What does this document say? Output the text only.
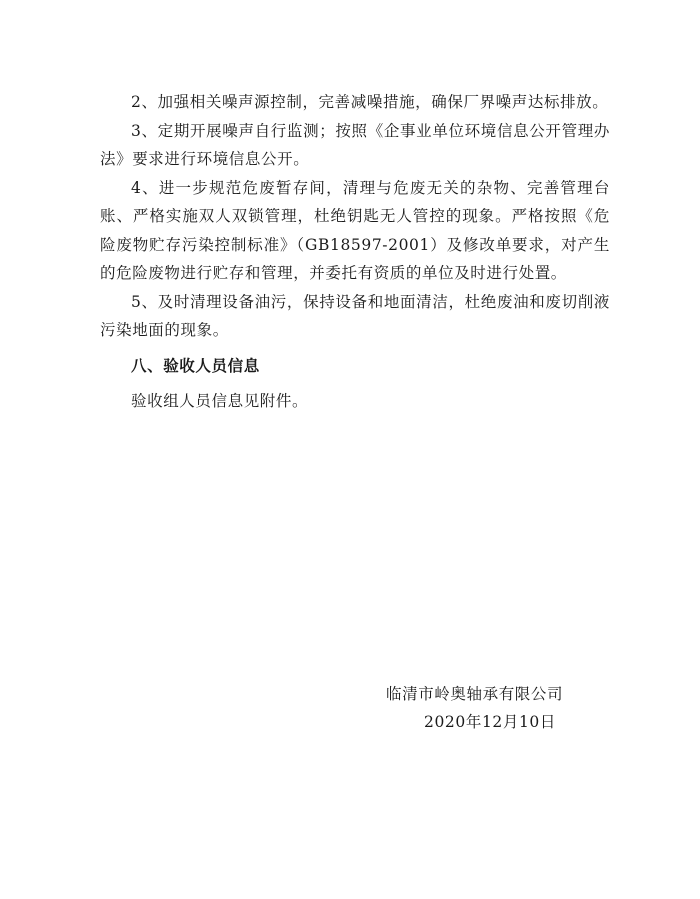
2、加强相关噪声源控制，完善减噪措施，确保厂界噪声达标排放。

3、定期开展噪声自行监测；按照《企事业单位环境信息公开管理办法》要求进行环境信息公开。

4、进一步规范危废暂存间，清理与危废无关的杂物、完善管理台账、严格实施双人双锁管理，杜绝钥匙无人管控的现象。严格按照《危险废物贮存污染控制标准》（GB18597-2001）及修改单要求，对产生的危险废物进行贮存和管理，并委托有资质的单位及时进行处置。

5、及时清理设备油污，保持设备和地面清洁，杜绝废油和废切削液污染地面的现象。

八、验收人员信息

验收组人员信息见附件。

临清市岭奥轴承有限公司
2020年12月10日
